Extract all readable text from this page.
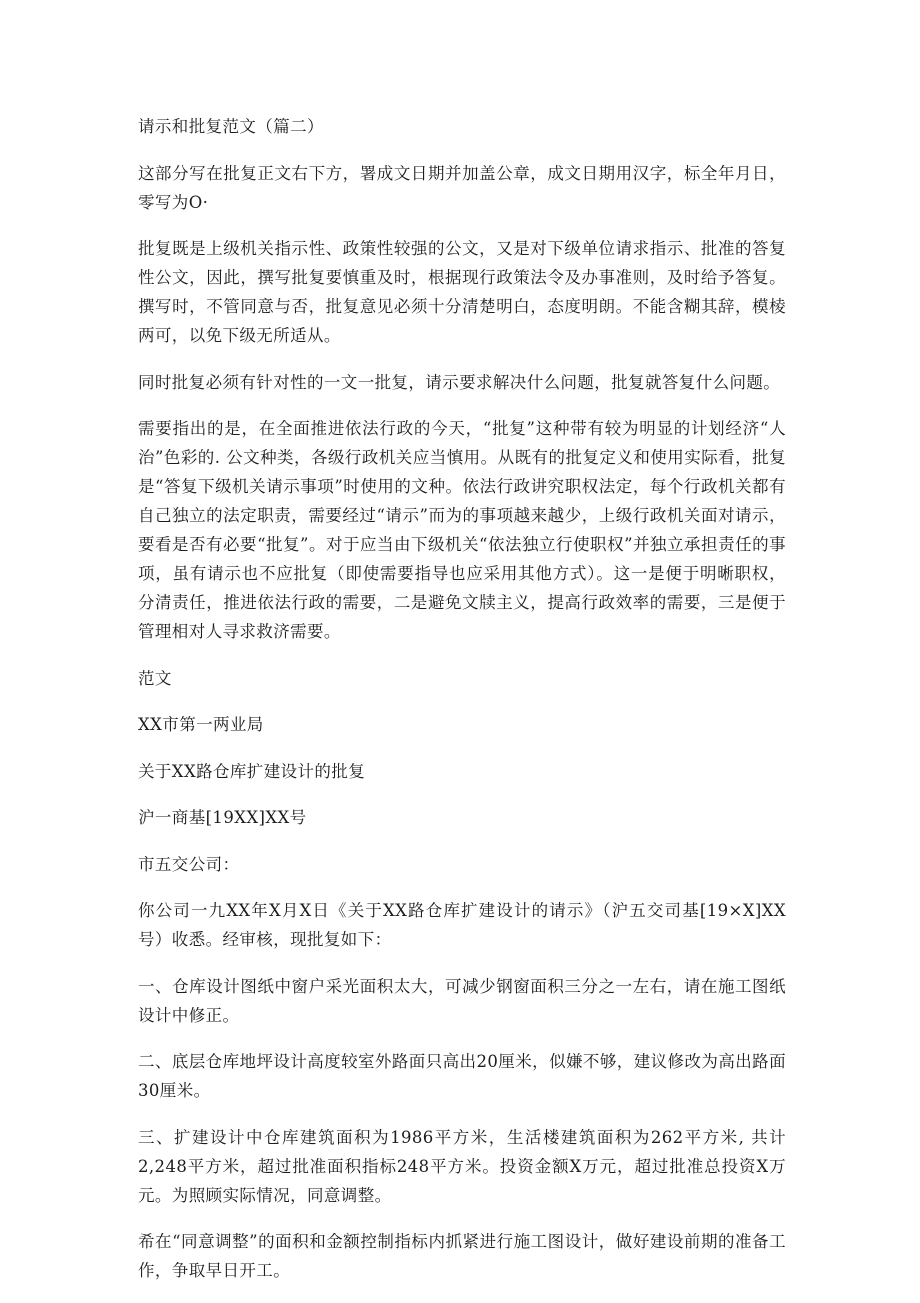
请示和批复范文（篇二）

这部分写在批复正文右下方，署成文日期并加盖公章，成文日期用汉字，标全年月日，零写为O·

批复既是上级机关指示性、政策性较强的公文，又是对下级单位请求指示、批准的答复性公文，因此，撰写批复要慎重及时，根据现行政策法令及办事准则，及时给予答复。撰写时，不管同意与否，批复意见必须十分清楚明白，态度明朗。不能含糊其辞，模棱两可，以免下级无所适从。

同时批复必须有针对性的一文一批复，请示要求解决什么问题，批复就答复什么问题。

需要指出的是，在全面推进依法行政的今天，“批复”这种带有较为明显的计划经济“人治”色彩的. 公文种类，各级行政机关应当慎用。从既有的批复定义和使用实际看，批复是“答复下级机关请示事项”时使用的文种。依法行政讲究职权法定，每个行政机关都有自己独立的法定职责，需要经过“请示”而为的事项越来越少，上级行政机关面对请示，要看是否有必要“批复”。对于应当由下级机关“依法独立行使职权”并独立承担责任的事项，虽有请示也不应批复（即使需要指导也应采用其他方式）。这一是便于明晰职权，分清责任，推进依法行政的需要，二是避免文牍主义，提高行政效率的需要，三是便于管理相对人寻求救济需要。

范文

XX市第一两业局

关于XX路仓库扩建设计的批复

沪一商基[19XX]XX号

市五交公司：

你公司一九XX年X月X日《关于XX路仓库扩建设计的请示》（沪五交司基[19×X]XX号）收悉。经审核，现批复如下：

一、仓库设计图纸中窗户采光面积太大，可减少钢窗面积三分之一左右，请在施工图纸设计中修正。

二、底层仓库地坪设计高度较室外路面只高出20厘米，似嫌不够，建议修改为高出路面30厘米。

三、扩建设计中仓库建筑面积为1986平方米，生活楼建筑面积为262平方米, 共计2,248平方米，超过批准面积指标248平方米。投资金额X万元，超过批准总投资X万元。为照顾实际情况，同意调整。

希在“同意调整”的面积和金额控制指标内抓紧进行施工图设计，做好建设前期的准备工作，争取早日开工。
